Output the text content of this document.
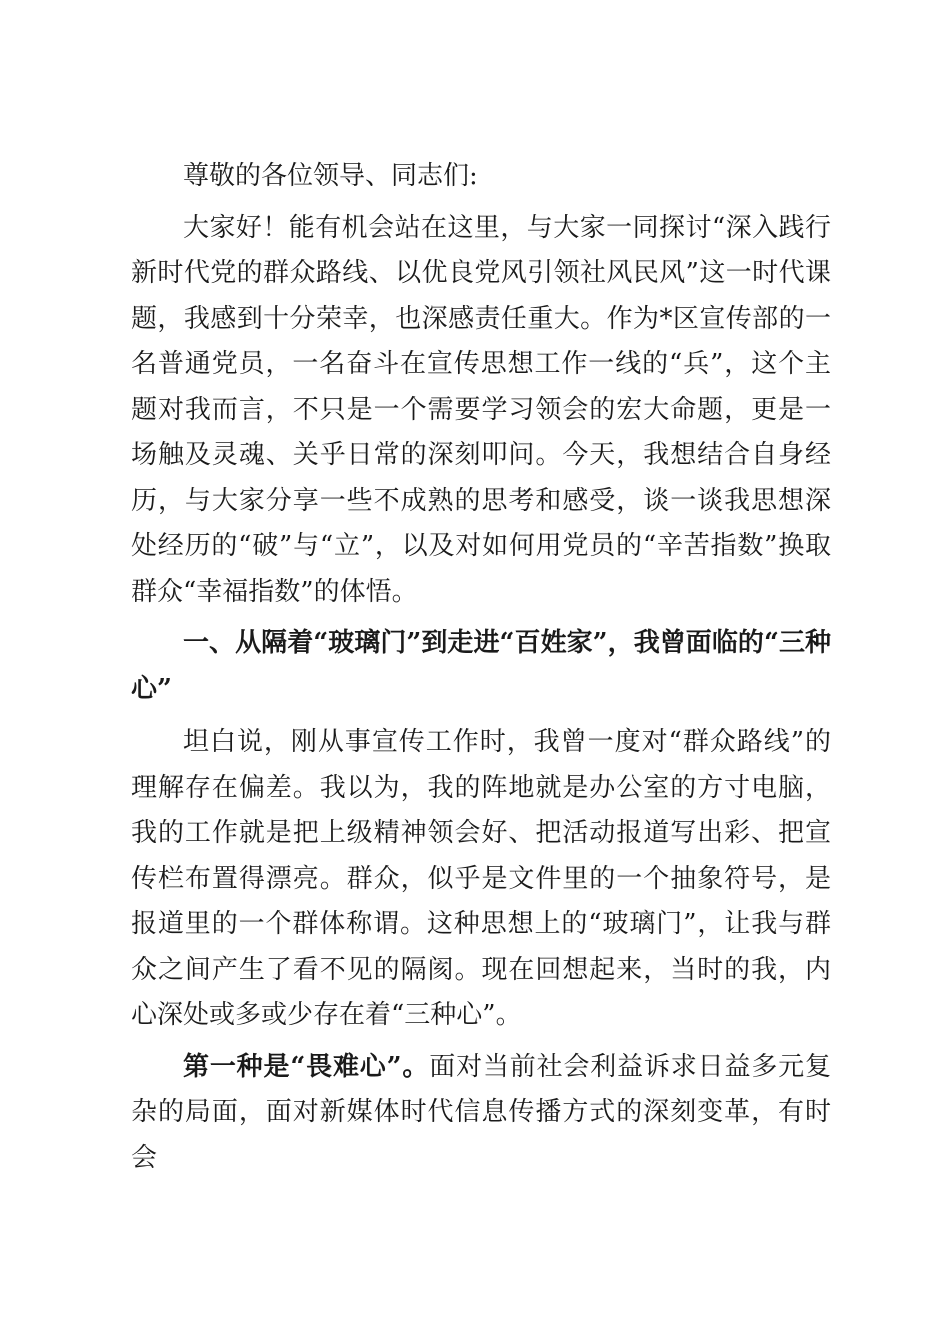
尊敬的各位领导、同志们:

大家好！能有机会站在这里，与大家一同探讨“深入践行新时代党的群众路线、以优良党风引领社风民风”这一时代课题，我感到十分荣幸，也深感责任重大。作为*区宣传部的一名普通党员，一名奋斗在宣传思想工作一线的“兵”，这个主题对我而言，不只是一个需要学习领会的宏大命题，更是一场触及灵魂、关乎日常的深刻叩问。今天，我想结合自身经历，与大家分享一些不成熟的思考和感受，谈一谈我思想深处经历的“破”与“立”，以及对如何用党员的“辛苦指数”换取群众“幸福指数”的体悟。

一、从隔着“玻璃门”到走进“百姓家”，我曾面临的“三种心”

坦白说，刚从事宣传工作时，我曾一度对“群众路线”的理解存在偏差。我以为，我的阵地就是办公室的方寸电脑，我的工作就是把上级精神领会好、把活动报道写出彩、把宣传栏布置得漂亮。群众，似乎是文件里的一个抽象符号，是报道里的一个群体称谓。这种思想上的“玻璃门”，让我与群众之间产生了看不见的隔阂。现在回想起来，当时的我，内心深处或多或少存在着“三种心”。

第一种是“畏难心”。面对当前社会利益诉求日益多元复杂的局面，面对新媒体时代信息传播方式的深刻变革，有时会
